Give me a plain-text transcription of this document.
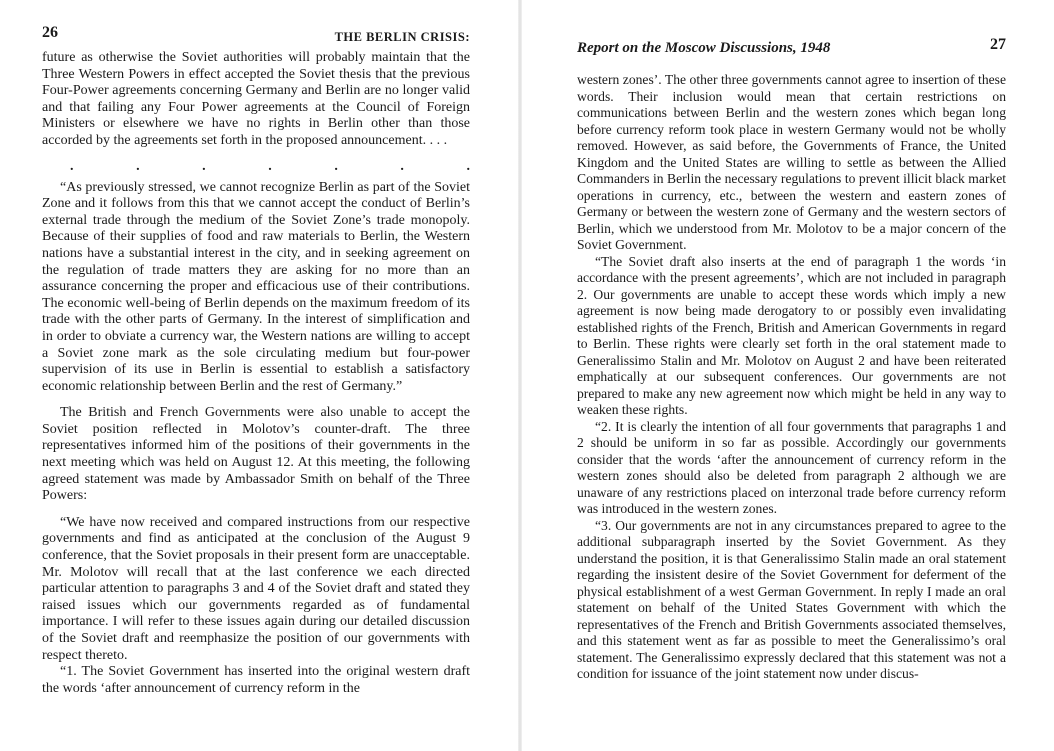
26	THE BERLIN CRISIS:

future as otherwise the Soviet authorities will probably maintain that the Three Western Powers in effect accepted the Soviet thesis that the previous Four-Power agreements concerning Germany and Berlin are no longer valid and that failing any Four Power agreements at the Council of Foreign Ministers or elsewhere we have no rights in Berlin other than those accorded by the agreements set forth in the proposed announcement. . . .

.	.	.	.	.	.	.

“As previously stressed, we cannot recognize Berlin as part of the Soviet Zone and it follows from this that we cannot accept the conduct of Berlin’s external trade through the medium of the Soviet Zone’s trade monopoly. Because of their supplies of food and raw materials to Berlin, the Western nations have a substantial interest in the city, and in seeking agreement on the regulation of trade matters they are asking for no more than an assurance concerning the proper and efficacious use of their contributions. The economic well-being of Berlin depends on the maximum freedom of its trade with the other parts of Germany. In the interest of simplification and in order to obviate a currency war, the Western nations are willing to accept a Soviet zone mark as the sole circulating medium but four-power supervision of its use in Berlin is essential to establish a satisfactory economic relationship between Berlin and the rest of Germany.”

The British and French Governments were also unable to accept the Soviet position reflected in Molotov’s counter-draft. The three representatives informed him of the positions of their governments in the next meeting which was held on August 12. At this meeting, the following agreed statement was made by Ambassador Smith on behalf of the Three Powers:

“We have now received and compared instructions from our respective governments and find as anticipated at the conclusion of the August 9 conference, that the Soviet proposals in their present form are unacceptable. Mr. Molotov will recall that at the last conference we each directed particular attention to paragraphs 3 and 4 of the Soviet draft and stated they raised issues which our governments regarded as of fundamental importance. I will refer to these issues again during our detailed discussion of the Soviet draft and reemphasize the position of our governments with respect thereto.

“1. The Soviet Government has inserted into the original western draft the words ‘after announcement of currency reform in the

Report on the Moscow Discussions, 1948	27

western zones’. The other three governments cannot agree to insertion of these words. Their inclusion would mean that certain restrictions on communications between Berlin and the western zones which began long before currency reform took place in western Germany would not be wholly removed. However, as said before, the Governments of France, the United Kingdom and the United States are willing to settle as between the Allied Commanders in Berlin the necessary regulations to prevent illicit black market operations in currency, etc., between the western and eastern zones of Germany or between the western zone of Germany and the western sectors of Berlin, which we understood from Mr. Molotov to be a major concern of the Soviet Government.

“The Soviet draft also inserts at the end of paragraph 1 the words ‘in accordance with the present agreements’, which are not included in paragraph 2. Our governments are unable to accept these words which imply a new agreement is now being made derogatory to or possibly even invalidating established rights of the French, British and American Governments in regard to Berlin. These rights were clearly set forth in the oral statement made to Generalissimo Stalin and Mr. Molotov on August 2 and have been reiterated emphatically at our subsequent conferences. Our governments are not prepared to make any new agreement now which might be held in any way to weaken these rights.

“2. It is clearly the intention of all four governments that paragraphs 1 and 2 should be uniform in so far as possible. Accordingly our governments consider that the words ‘after the announcement of currency reform in the western zones should also be deleted from paragraph 2 although we are unaware of any restrictions placed on interzonal trade before currency reform was introduced in the western zones.

“3. Our governments are not in any circumstances prepared to agree to the additional subparagraph inserted by the Soviet Government. As they understand the position, it is that Generalissimo Stalin made an oral statement regarding the insistent desire of the Soviet Government for deferment of the physical establishment of a west German Government. In reply I made an oral statement on behalf of the United States Government with which the representatives of the French and British Governments associated themselves, and this statement went as far as possible to meet the Generalissimo’s oral statement. The Generalissimo expressly declared that this statement was not a condition for issuance of the joint statement now under discus-
